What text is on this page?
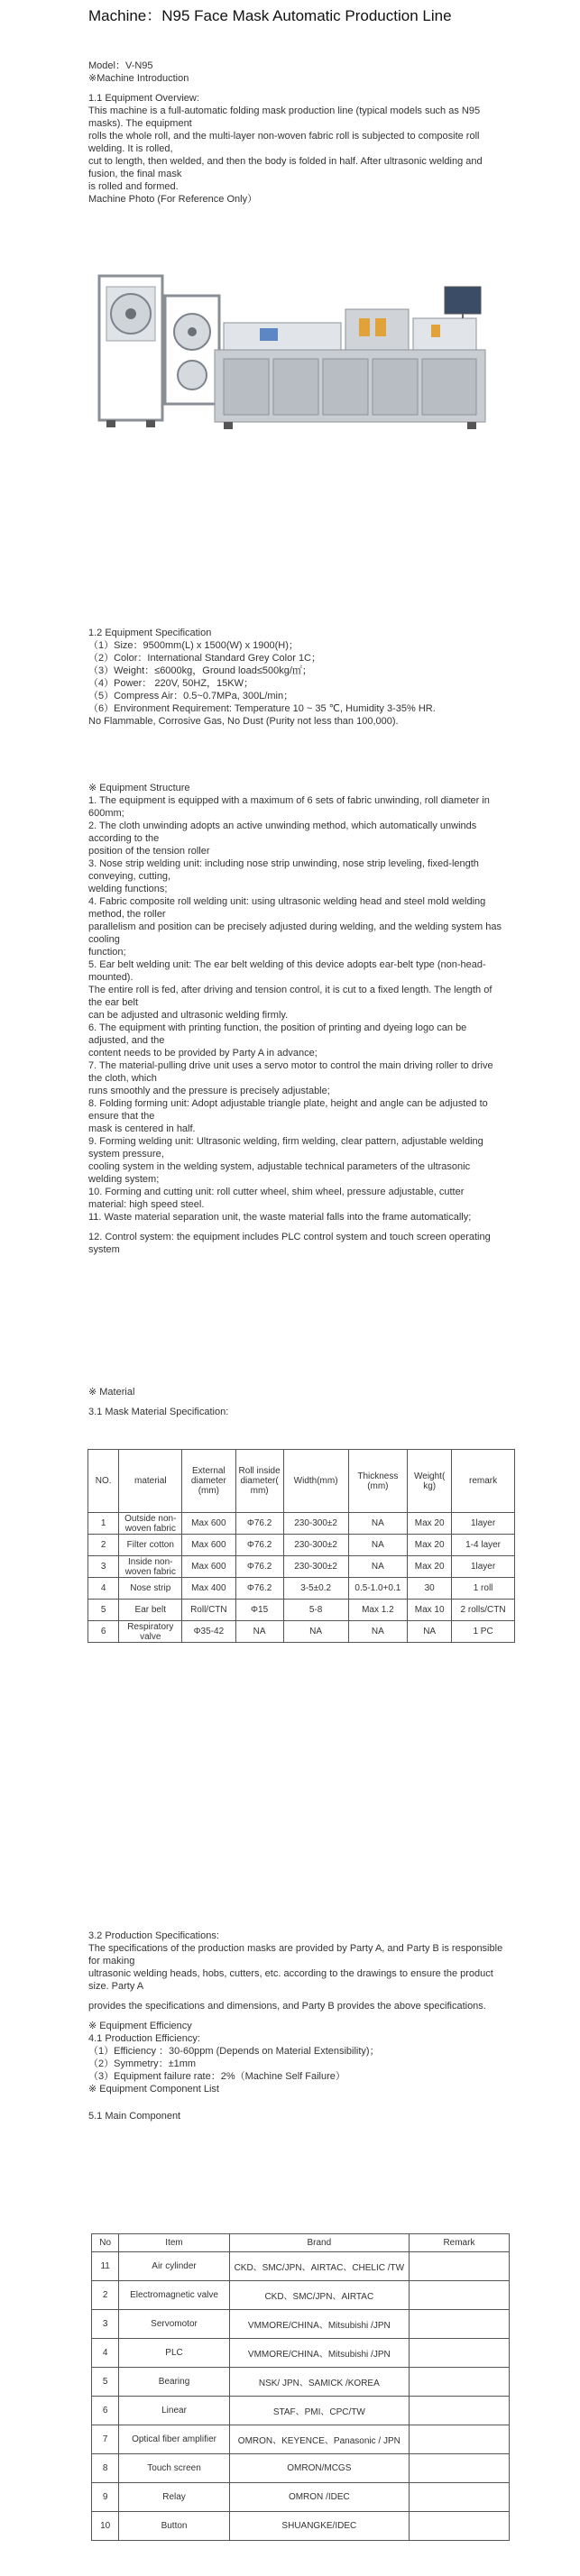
Machine：N95 Face Mask Automatic Production Line

Model：V-N95

※Machine Introduction

1.1 Equipment Overview:

This machine is a full-automatic folding mask production line (typical models such as N95 masks). The equipment

rolls the whole roll, and the multi-layer non-woven fabric roll is subjected to composite roll welding. It is rolled,

cut to length, then welded, and then the body is folded in half. After ultrasonic welding and fusion, the final mask

is rolled and formed.

Machine Photo (For Reference Only）

1.2 Equipment Specification

（1）Size：9500mm(L) x 1500(W) x 1900(H)；

（2）Color：International Standard Grey Color 1C；

（3）Weight：≤6000kg，Ground load≤500kg/㎡；

（4）Power： 220V, 50HZ，15KW；

（5）Compress Air：0.5~0.7MPa, 300L/min；

（6）Environment Requirement: Temperature 10 ~ 35 ℃, Humidity 3-35% HR.

No Flammable, Corrosive Gas, No Dust (Purity not less than 100,000).

※ Equipment Structure

1. The equipment is equipped with a maximum of 6 sets of fabric unwinding, roll diameter in 600mm;

2. The cloth unwinding adopts an active unwinding method, which automatically unwinds according to the

position of the tension roller

3. Nose strip welding unit: including nose strip unwinding, nose strip leveling, fixed-length conveying, cutting,

welding functions;

4. Fabric composite roll welding unit: using ultrasonic welding head and steel mold welding method, the roller

parallelism and position can be precisely adjusted during welding, and the welding system has cooling

function;

5. Ear belt welding unit: The ear belt welding of this device adopts ear-belt type (non-head-mounted).

The entire roll is fed, after driving and tension control, it is cut to a fixed length. The length of the ear belt

can be adjusted and ultrasonic welding firmly.

6. The equipment with printing function, the position of printing and dyeing logo can be adjusted, and the

content needs to be provided by Party A in advance;

7. The material-pulling drive unit uses a servo motor to control the main driving roller to drive the cloth, which

runs smoothly and the pressure is precisely adjustable;

8. Folding forming unit: Adopt adjustable triangle plate, height and angle can be adjusted to ensure that the

mask is centered in half.

9. Forming welding unit: Ultrasonic welding, firm welding, clear pattern, adjustable welding system pressure,

cooling system in the welding system, adjustable technical parameters of the ultrasonic welding system;

10. Forming and cutting unit: roll cutter wheel, shim wheel, pressure adjustable, cutter material: high speed steel.

11. Waste material separation unit, the waste material falls into the frame automatically;

12. Control system: the equipment includes PLC control system and touch screen operating system

※ Material

3.1 Mask Material Specification:

NO.	material	External diameter (mm)	Roll inside diameter( mm)	Width(mm)	Thickness (mm)	Weight( kg)	remark
1	Outside non-woven fabric	Max 600	Φ76.2	230-300±2	NA	Max 20	1layer
2	Filter cotton	Max 600	Φ76.2	230-300±2	NA	Max 20	1-4 layer
3	Inside non-woven fabric	Max 600	Φ76.2	230-300±2	NA	Max 20	1layer
4	Nose strip	Max 400	Φ76.2	3-5±0.2	0.5-1.0+0.1	30	1 roll
5	Ear belt	Roll/CTN	Φ15	5-8	Max 1.2	Max 10	2 rolls/CTN
6	Respiratory valve	Φ35-42	NA	NA	NA	NA	1 PC

3.2 Production Specifications:

The specifications of the production masks are provided by Party A, and Party B is responsible for making

ultrasonic welding heads, hobs, cutters, etc. according to the drawings to ensure the product size. Party A

provides the specifications and dimensions, and Party B provides the above specifications.

※ Equipment Efficiency

4.1 Production Efficiency:

（1）Efficiency ：30-60ppm (Depends on Material Extensibility)；

（2）Symmetry：±1mm

（3）Equipment failure rate：2%（Machine Self Failure）

※ Equipment Component List

5.1 Main Component

No	Item	Brand	Remark
11	Air cylinder	CKD、SMC/JPN、AIRTAC、CHELIC /TW	
2	Electromagnetic valve	CKD、SMC/JPN、AIRTAC	
3	Servomotor	VMMORE/CHINA、Mitsubishi /JPN	
4	PLC	VMMORE/CHINA、Mitsubishi /JPN	
5	Bearing	NSK/ JPN、SAMICK /KOREA	
6	Linear	STAF、PMI、CPC/TW	
7	Optical fiber amplifier	OMRON、KEYENCE、Panasonic / JPN	
8	Touch screen	OMRON/MCGS	
9	Relay	OMRON /IDEC	
10	Button	SHUANGKE/IDEC	
